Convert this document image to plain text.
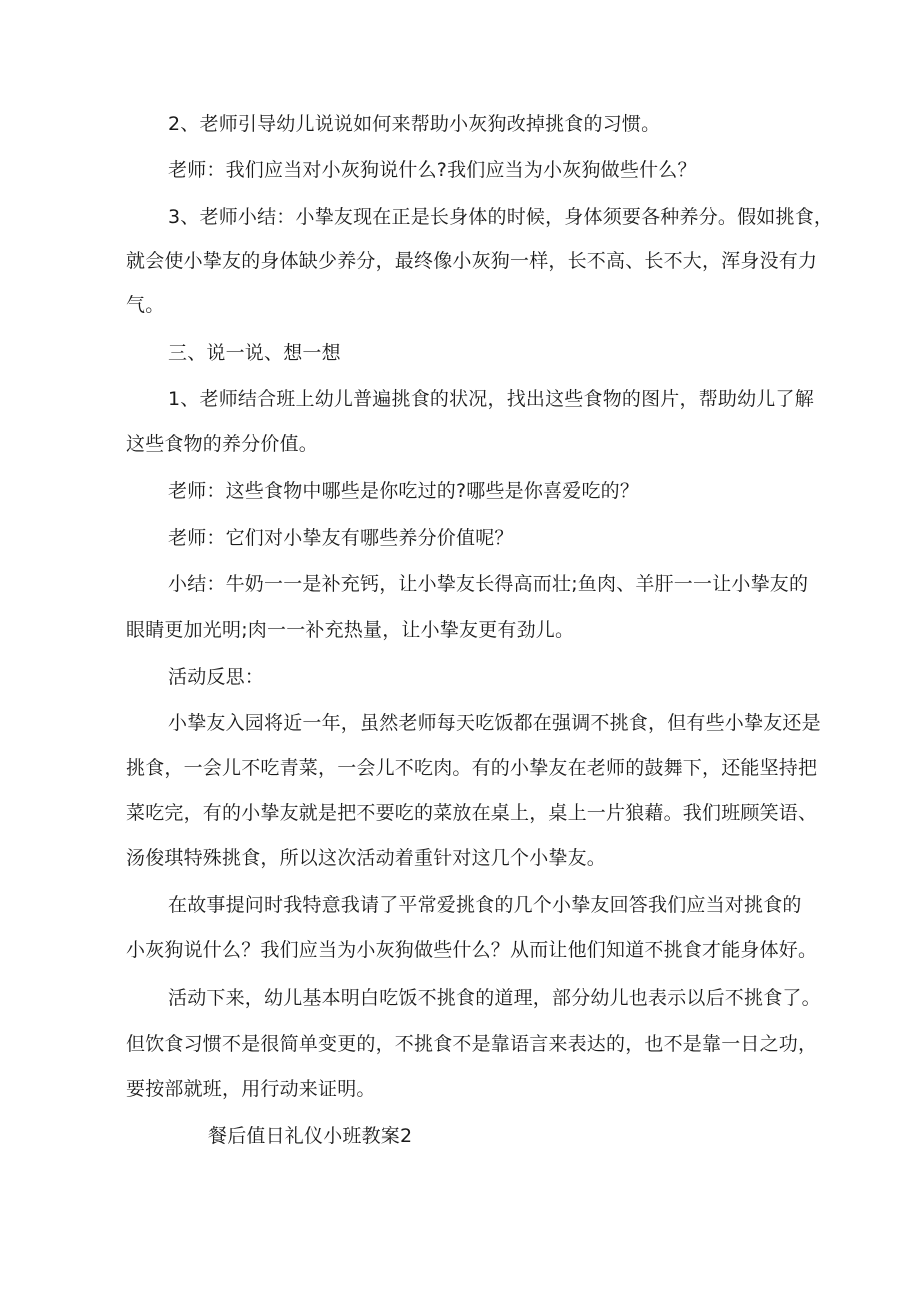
2、老师引导幼儿说说如何来帮助小灰狗改掉挑食的习惯。
老师：我们应当对小灰狗说什么?我们应当为小灰狗做些什么？
3、老师小结：小挚友现在正是长身体的时候，身体须要各种养分。假如挑食，
就会使小挚友的身体缺少养分，最终像小灰狗一样，长不高、长不大，浑身没有力
气。
三、说一说、想一想
1、老师结合班上幼儿普遍挑食的状况，找出这些食物的图片，帮助幼儿了解
这些食物的养分价值。
老师：这些食物中哪些是你吃过的?哪些是你喜爱吃的？
老师：它们对小挚友有哪些养分价值呢？
小结：牛奶一一是补充钙，让小挚友长得高而壮;鱼肉、羊肝一一让小挚友的
眼睛更加光明;肉一一补充热量，让小挚友更有劲儿。
活动反思：
小挚友入园将近一年，虽然老师每天吃饭都在强调不挑食，但有些小挚友还是
挑食，一会儿不吃青菜，一会儿不吃肉。有的小挚友在老师的鼓舞下，还能坚持把
菜吃完，有的小挚友就是把不要吃的菜放在桌上，桌上一片狼藉。我们班顾笑语、
汤俊琪特殊挑食，所以这次活动着重针对这几个小挚友。
在故事提问时我特意我请了平常爱挑食的几个小挚友回答我们应当对挑食的
小灰狗说什么？我们应当为小灰狗做些什么？从而让他们知道不挑食才能身体好。
活动下来，幼儿基本明白吃饭不挑食的道理，部分幼儿也表示以后不挑食了。
但饮食习惯不是很简单变更的，不挑食不是靠语言来表达的，也不是靠一日之功，
要按部就班，用行动来证明。
餐后值日礼仪小班教案2
